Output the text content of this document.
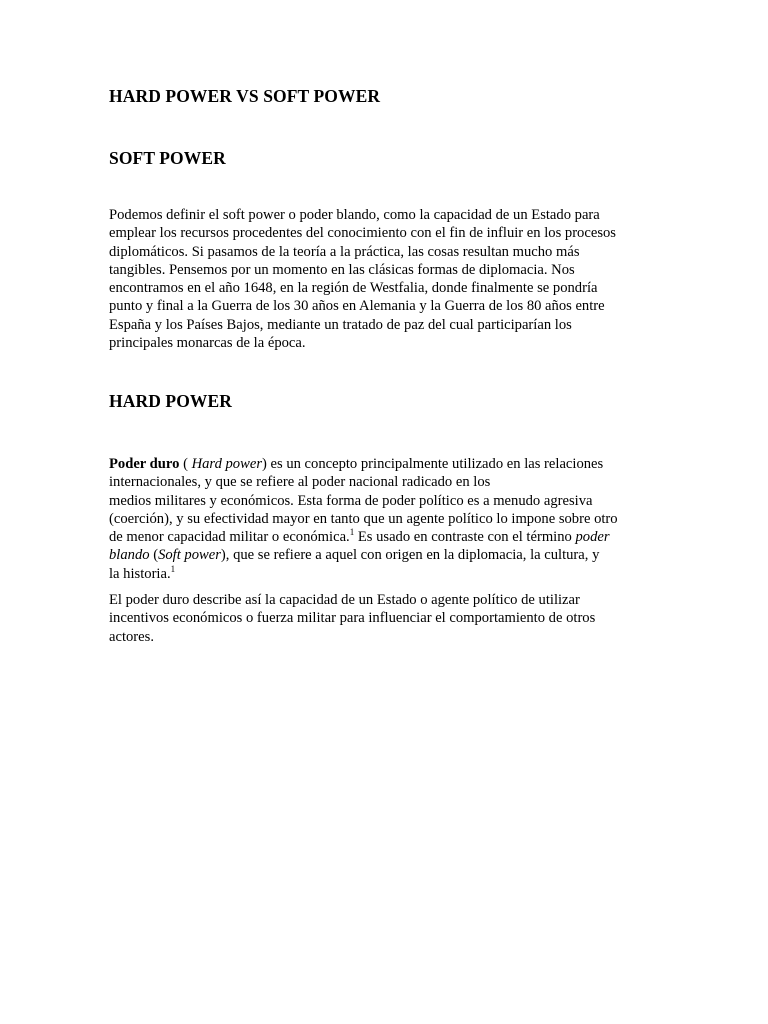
HARD POWER VS SOFT POWER
SOFT POWER

Podemos definir el soft power o poder blando, como la capacidad de un Estado para
emplear los recursos procedentes del conocimiento con el fin de influir en los procesos
diplomáticos. Si pasamos de la teoría a la práctica, las cosas resultan mucho más
tangibles. Pensemos por un momento en las clásicas formas de diplomacia. Nos
encontramos en el año 1648, en la región de Westfalia, donde finalmente se pondría
punto y final a la Guerra de los 30 años en Alemania y la Guerra de los 80 años entre
España y los Países Bajos, mediante un tratado de paz del cual participarían los
principales monarcas de la época.

HARD POWER

Poder duro ( Hard power) es un concepto principalmente utilizado en las relaciones
internacionales, y que se refiere al poder nacional radicado en los
medios militares y económicos. Esta forma de poder político es a menudo agresiva
(coerción), y su efectividad mayor en tanto que un agente político lo impone sobre otro
de menor capacidad militar o económica.$^1$ Es usado en contraste con el término poder
blando (Soft power), que se refiere a aquel con origen en la diplomacia, la cultura, y
la historia.$^1$

El poder duro describe así la capacidad de un Estado o agente político de utilizar
incentivos económicos o fuerza militar para influenciar el comportamiento de otros
actores.
